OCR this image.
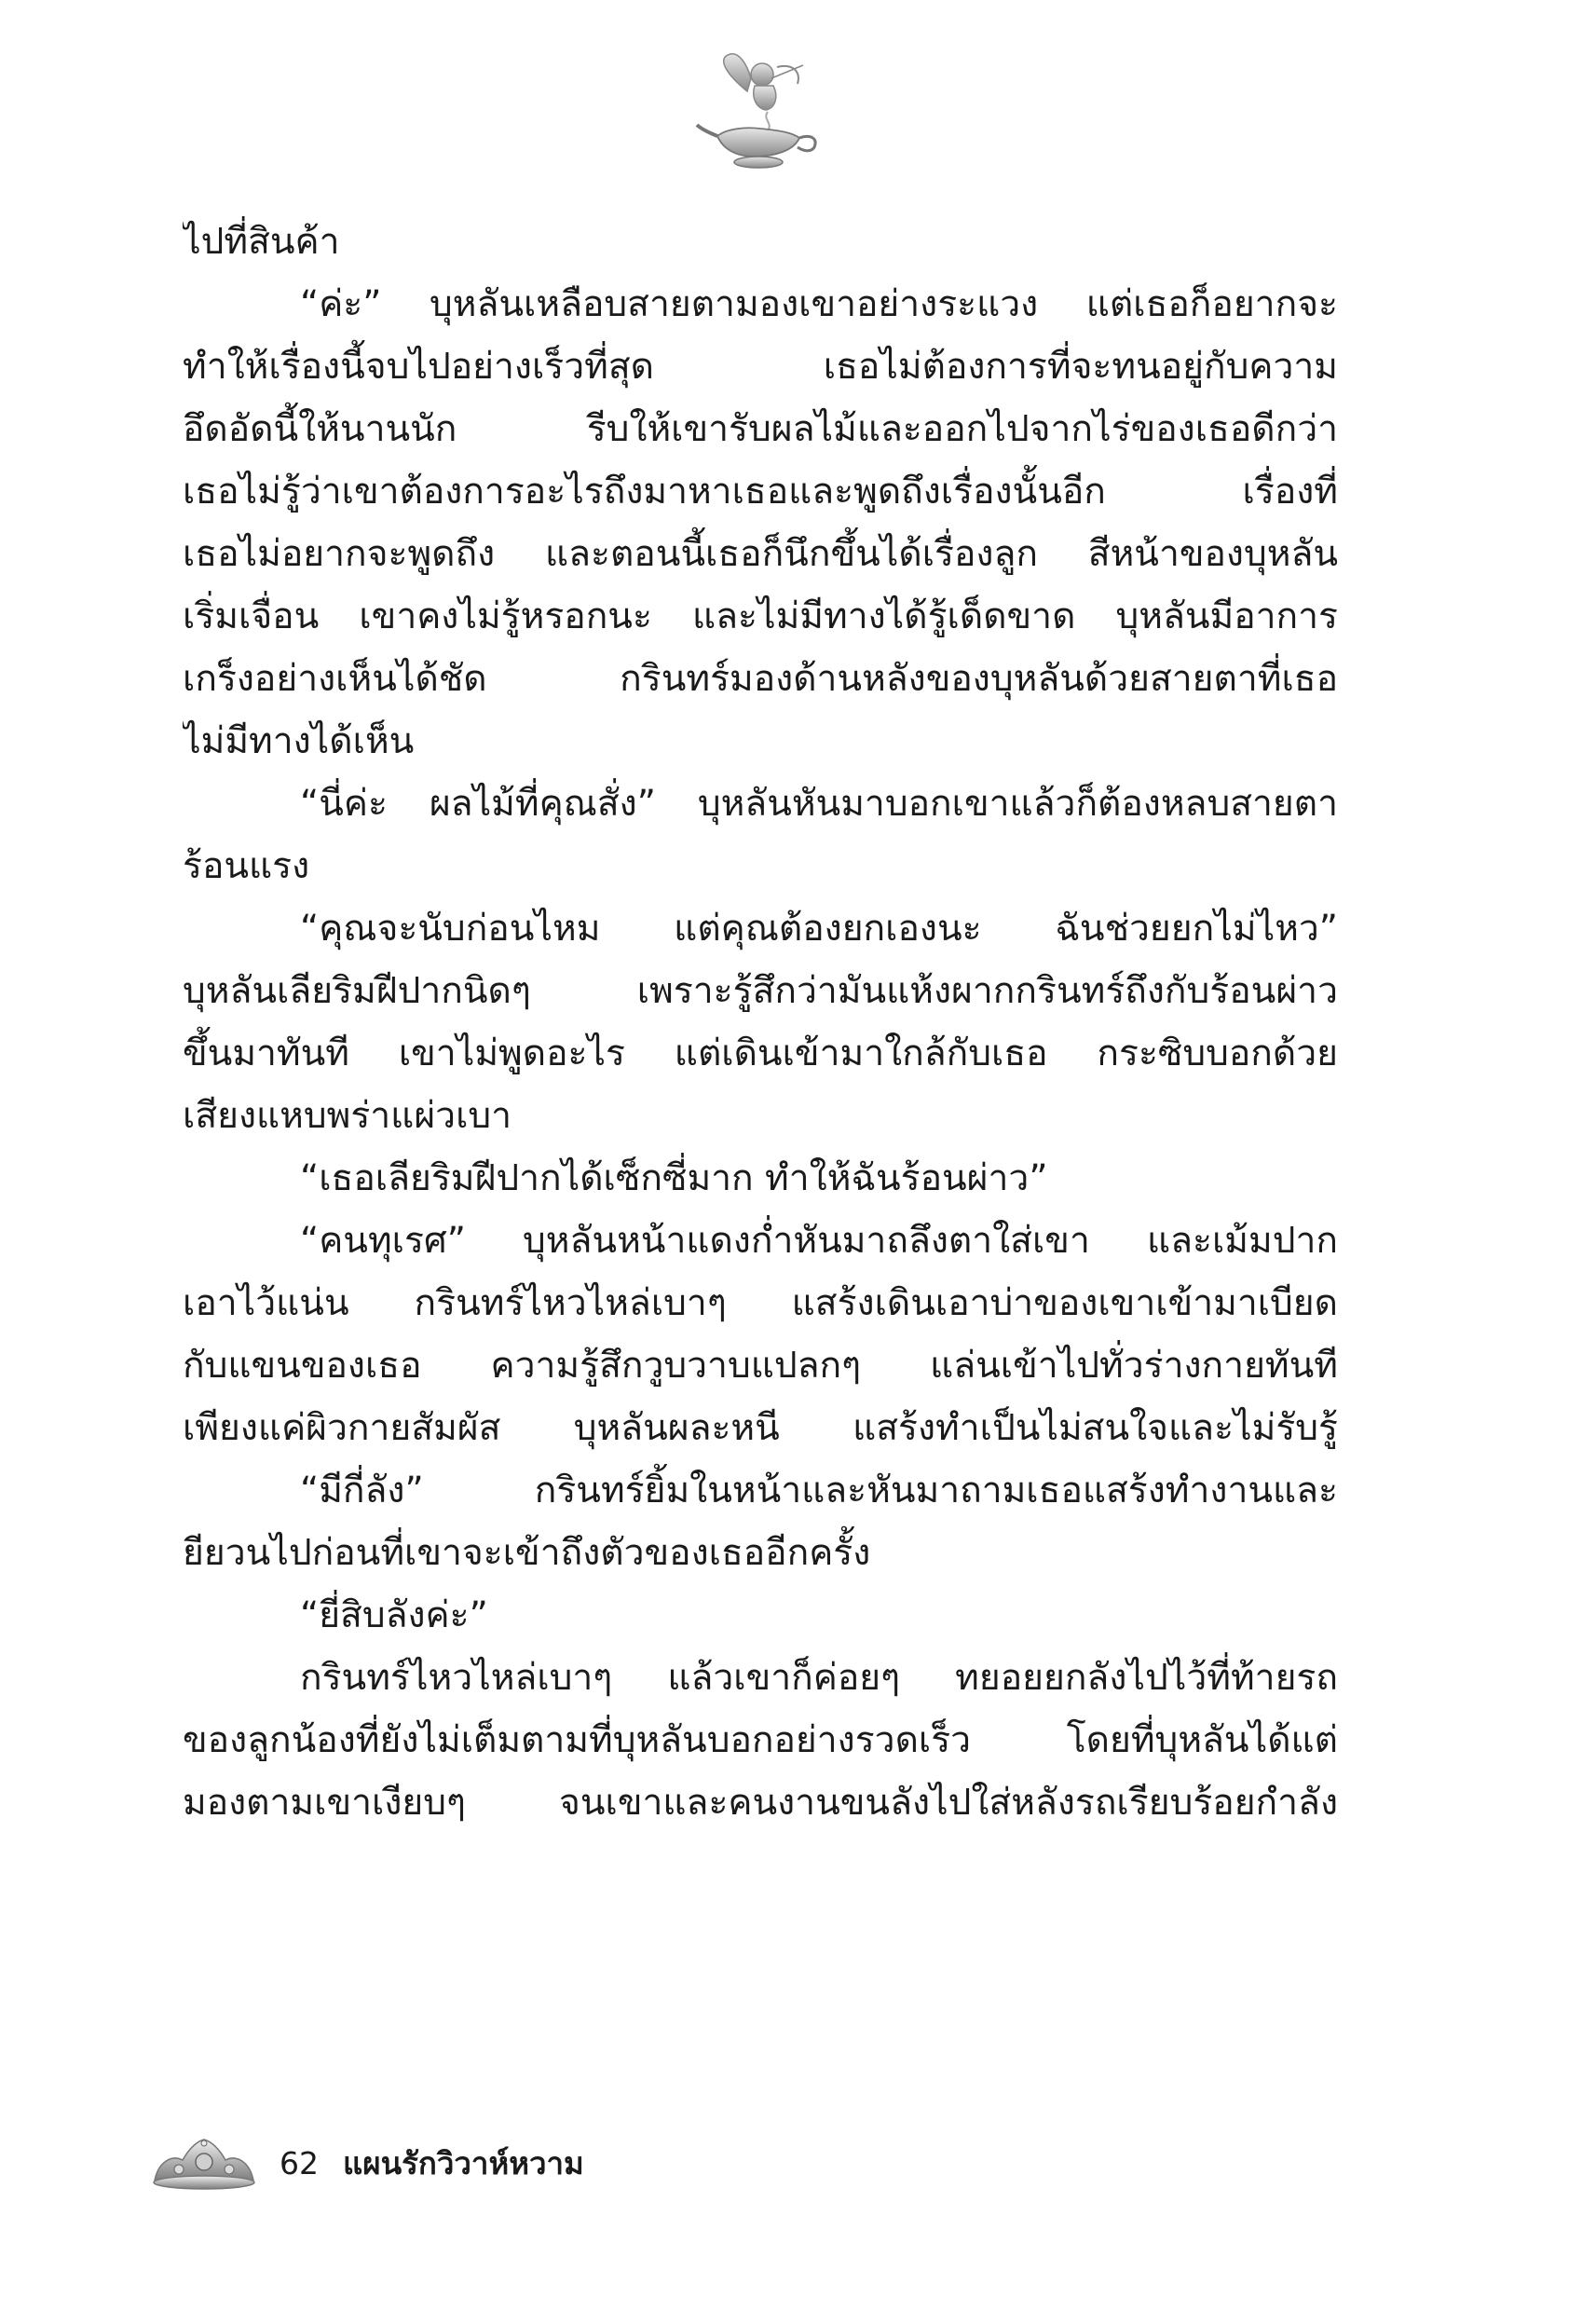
ไปที่สินค้า
“ค่ะ” บุหลันเหลือบสายตามองเขาอย่างระแวง แต่เธอก็อยากจะ
ทำให้เรื่องนี้จบไปอย่างเร็วที่สุด เธอไม่ต้องการที่จะทนอยู่กับความ
อึดอัดนี้ให้นานนัก รีบให้เขารับผลไม้และออกไปจากไร่ของเธอดีกว่า
เธอไม่รู้ว่าเขาต้องการอะไรถึงมาหาเธอและพูดถึงเรื่องนั้นอีก เรื่องที่
เธอไม่อยากจะพูดถึง และตอนนี้เธอก็นึกขึ้นได้เรื่องลูก สีหน้าของบุหลัน
เริ่มเจื่อน เขาคงไม่รู้หรอกนะ และไม่มีทางได้รู้เด็ดขาด บุหลันมีอาการ
เกร็งอย่างเห็นได้ชัด กรินทร์มองด้านหลังของบุหลันด้วยสายตาที่เธอ
ไม่มีทางได้เห็น
“นี่ค่ะ ผลไม้ที่คุณสั่ง” บุหลันหันมาบอกเขาแล้วก็ต้องหลบสายตา
ร้อนแรง
“คุณจะนับก่อนไหม แต่คุณต้องยกเองนะ ฉันช่วยยกไม่ไหว”
บุหลันเลียริมฝีปากนิดๆ เพราะรู้สึกว่ามันแห้งผากกรินทร์ถึงกับร้อนผ่าว
ขึ้นมาทันที เขาไม่พูดอะไร แต่เดินเข้ามาใกล้กับเธอ กระซิบบอกด้วย
เสียงแหบพร่าแผ่วเบา
“เธอเลียริมฝีปากได้เซ็กซี่มาก ทำให้ฉันร้อนผ่าว”
“คนทุเรศ” บุหลันหน้าแดงก่ำหันมาถลึงตาใส่เขา และเม้มปาก
เอาไว้แน่น กรินทร์ไหวไหล่เบาๆ แสร้งเดินเอาบ่าของเขาเข้ามาเบียด
กับแขนของเธอ ความรู้สึกวูบวาบแปลกๆ แล่นเข้าไปทั่วร่างกายทันที
เพียงแค่ผิวกายสัมผัส บุหลันผละหนี แสร้งทำเป็นไม่สนใจและไม่รับรู้
“มีกี่ลัง” กรินทร์ยิ้มในหน้าและหันมาถามเธอแสร้งทำงานและ
ยียวนไปก่อนที่เขาจะเข้าถึงตัวของเธออีกครั้ง
“ยี่สิบลังค่ะ”
กรินทร์ไหวไหล่เบาๆ แล้วเขาก็ค่อยๆ ทยอยยกลังไปไว้ที่ท้ายรถ
ของลูกน้องที่ยังไม่เต็มตามที่บุหลันบอกอย่างรวดเร็ว โดยที่บุหลันได้แต่
มองตามเขาเงียบๆ จนเขาและคนงานขนลังไปใส่หลังรถเรียบร้อยกำลัง
62 แผนรักวิวาห์หวาม
